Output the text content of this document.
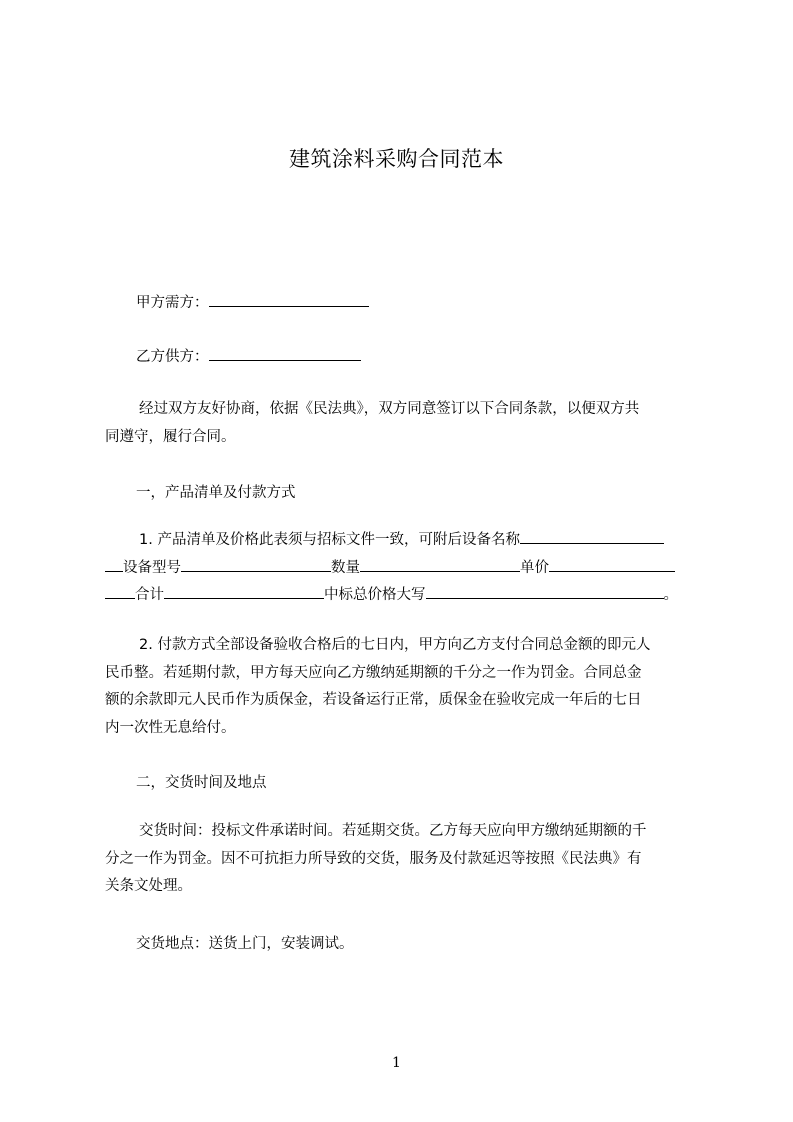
建筑涂料采购合同范本
甲方需方：
乙方供方：
经过双方友好协商，依据《民法典》，双方同意签订以下合同条款，以便双方共
同遵守，履行合同。
一，产品清单及付款方式
1. 产品清单及价格此表须与招标文件一致，可附后设备名称
设备型号	数量	单价
合计	中标总价格大写	。
2. 付款方式全部设备验收合格后的七日内，甲方向乙方支付合同总金额的即元人
民币整。若延期付款，甲方每天应向乙方缴纳延期额的千分之一作为罚金。合同总金
额的余款即元人民币作为质保金，若设备运行正常，质保金在验收完成一年后的七日
内一次性无息给付。
二，交货时间及地点
交货时间：投标文件承诺时间。若延期交货。乙方每天应向甲方缴纳延期额的千
分之一作为罚金。因不可抗拒力所导致的交货，服务及付款延迟等按照《民法典》有
关条文处理。
交货地点：送货上门，安装调试。
1
